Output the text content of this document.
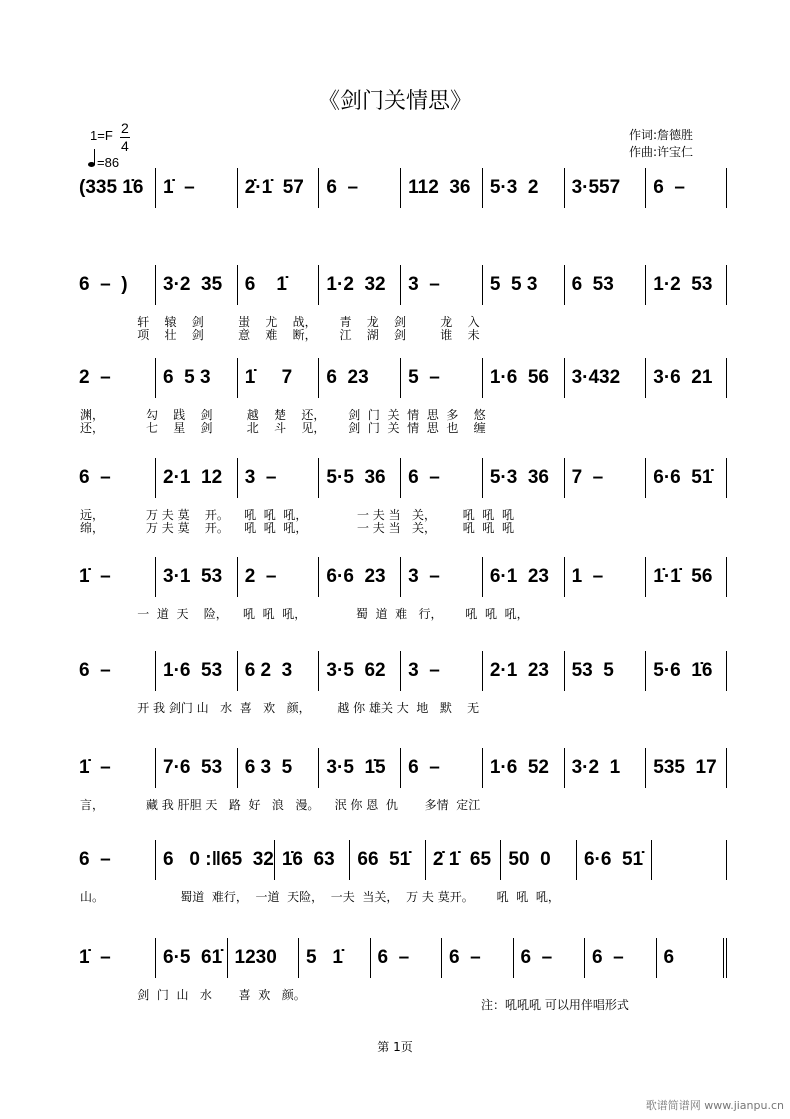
《剑门关情思》
1=F 2
4
=86
作词:詹德胜
作曲:许宝仁
(335 1̇6	1̇  –	2̇·1̇  57	6  –	112  36	5·3  2	3·557	6  –
6  –  )	3·2  35	6    1̇	1·2  32	3  –	5  5 3	6  53	1·2  53
轩    辕    剑         蚩    尤    战，      青    龙    剑         龙    入
项    壮    剑         意    难    断，      江    湖    剑         谁    未
2  –	6  5 3	1̇     7	6  23	5  –	1·6  56	3·432	3·6  21
渊，           勾    践    剑         越    楚    还，      剑  门  关  情  思  多    悠
还，           七    星    剑         北    斗    见，      剑  门  关  情  思  也    缠
6  –	2·1  12	3  –	5·5  36	6  –	5·3  36	7  –	6·6  51̇
远，           万 夫 莫    开。    吼  吼  吼，             一 夫 当   关，       吼  吼  吼
绵，           万 夫 莫    开。    吼  吼  吼，             一 夫 当   关，       吼  吼  吼
1̇  –	3·1  53	2  –	6·6  23	3  –	6·1  23	1  –	1̇·1̇  56
一  道  天    险，    吼  吼  吼，             蜀  道  难   行，      吼  吼  吼，
6  –	1·6  53	6 2  3	3·5  62	3  –	2·1  23	53  5	5·6  1̇6
开 我 剑门 山   水  喜   欢   颜，       越 你 雄关 大  地   默    无
1̇  –	7·6  53	6 3  5	3·5  1̇5	6  –	1·6  52	3·2  1	535  17
言，           藏 我 肝胆 天   路  好   浪   漫。    泯 你 恩  仇       多情  定江
6  –	6   0 :‖65  32 1̇6  63	66  51̇	2̇ 1̇  65 50  0	6·6  51̇
山。                    蜀道  难行，  一道  天险，  一夫  当关，  万 夫 莫开。      吼  吼  吼，
1̇  –	6·5  61̇ 1230	5   1̇	6  –	6  –	6  –	6  –	6
剑  门  山   水       喜  欢   颜。
注：吼吼吼 可以用伴唱形式
第 1页
歌谱简谱网 www.jianpu.cn
